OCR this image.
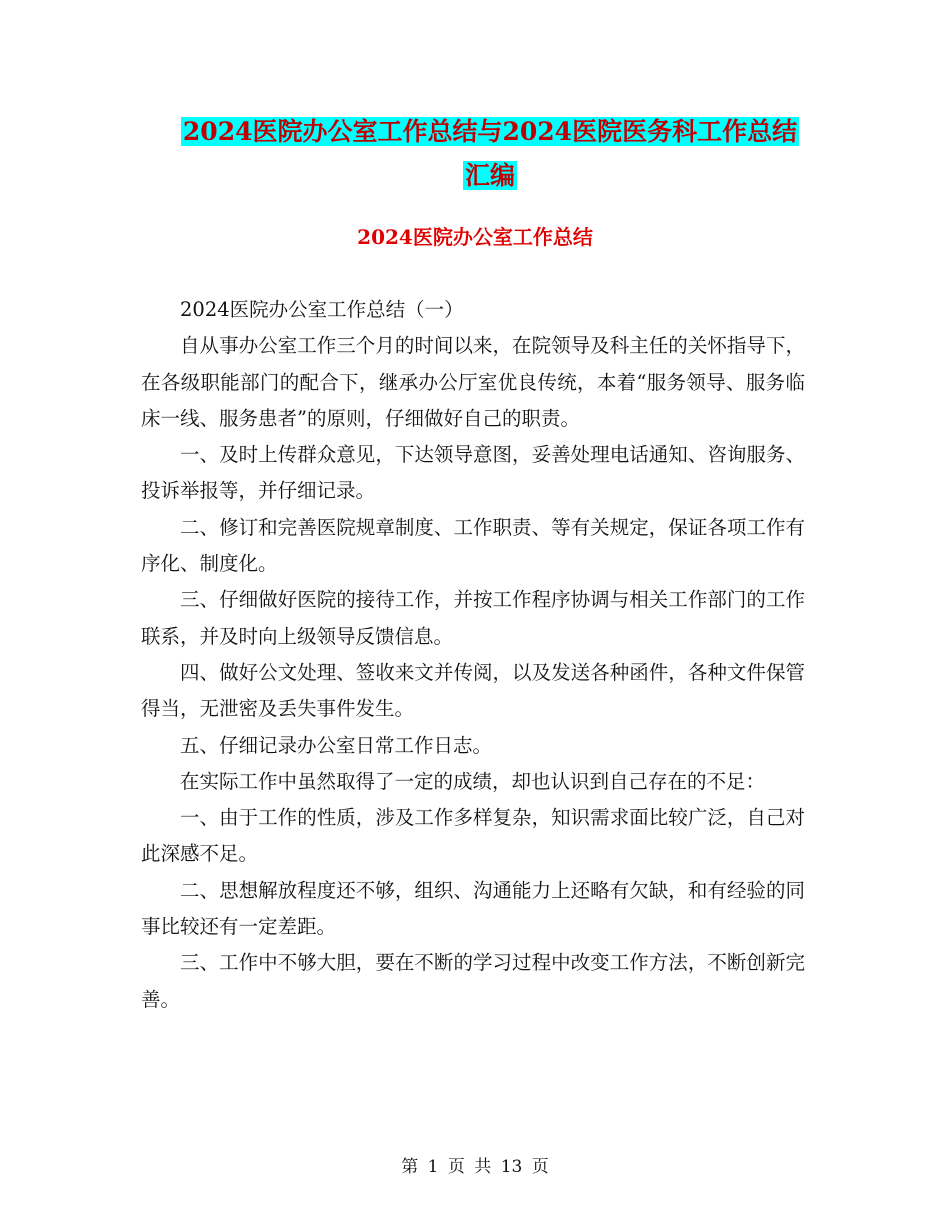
2024医院办公室工作总结与2024医院医务科工作总结
汇编
2024医院办公室工作总结

2024医院办公室工作总结（一）

自从事办公室工作三个月的时间以来，在院领导及科主任的关怀指导下，在各级职能部门的配合下，继承办公厅室优良传统，本着“服务领导、服务临床一线、服务患者”的原则，仔细做好自己的职责。

一、及时上传群众意见，下达领导意图，妥善处理电话通知、咨询服务、投诉举报等，并仔细记录。

二、修订和完善医院规章制度、工作职责、等有关规定，保证各项工作有序化、制度化。

三、仔细做好医院的接待工作，并按工作程序协调与相关工作部门的工作联系，并及时向上级领导反馈信息。

四、做好公文处理、签收来文并传阅，以及发送各种函件，各种文件保管得当，无泄密及丢失事件发生。

五、仔细记录办公室日常工作日志。

在实际工作中虽然取得了一定的成绩，却也认识到自己存在的不足：

一、由于工作的性质，涉及工作多样复杂，知识需求面比较广泛，自己对此深感不足。

二、思想解放程度还不够，组织、沟通能力上还略有欠缺，和有经验的同事比较还有一定差距。

三、工作中不够大胆，要在不断的学习过程中改变工作方法，不断创新完善。

第 1 页 共 13 页
